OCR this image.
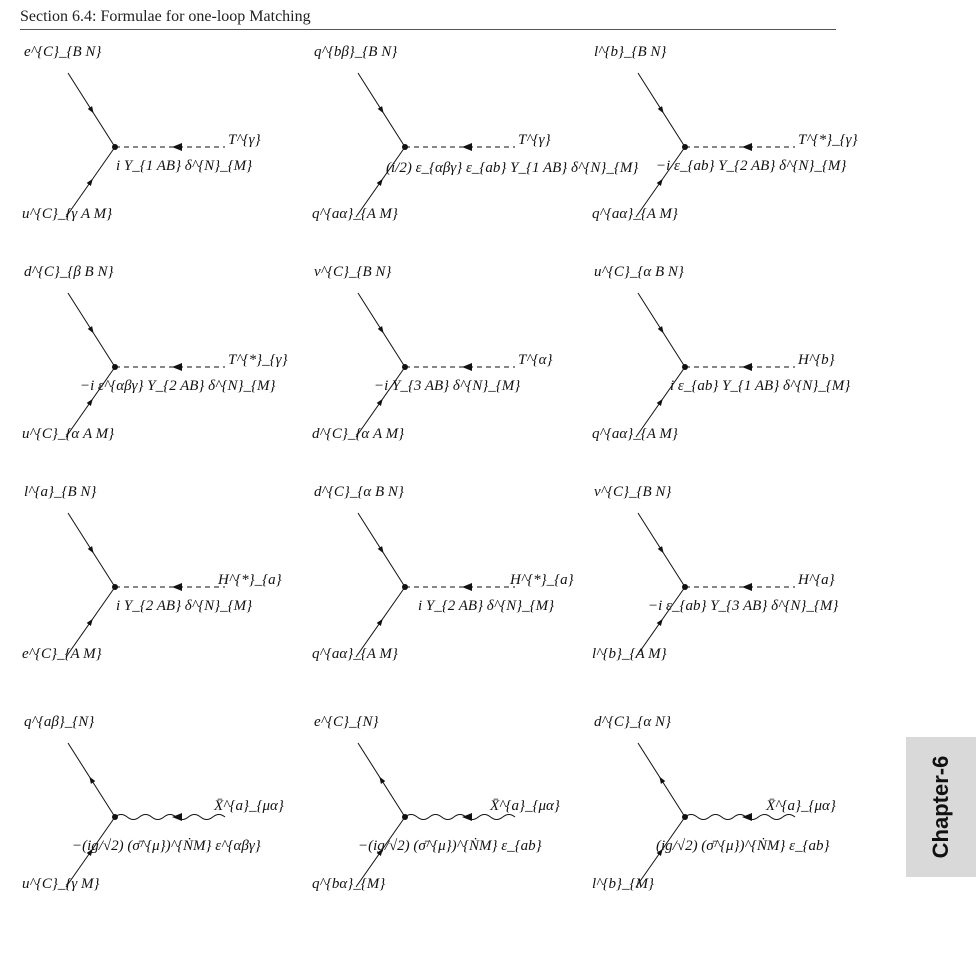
Section 6.4: Formulae for one-loop Matching
e^{C}_{B N}
u^{C}_{γ A M}
T^{γ}
i Y_{1 AB} δ^{N}_{M}
q^{bβ}_{B N}
q^{aα}_{A M}
T^{γ}
(i/2) ε_{αβγ} ε_{ab} Y_{1 AB} δ^{N}_{M}
l^{b}_{B N}
q^{aα}_{A M}
T^{*}_{γ}
−i ε_{ab} Y_{2 AB} δ^{N}_{M}
d^{C}_{β B N}
u^{C}_{α A M}
T^{*}_{γ}
−i ε^{αβγ} Y_{2 AB} δ^{N}_{M}
ν^{C}_{B N}
d^{C}_{α A M}
T^{α}
−i Y_{3 AB} δ^{N}_{M}
u^{C}_{α B N}
q^{aα}_{A M}
H^{b}
i ε_{ab} Y_{1 AB} δ^{N}_{M}
l^{a}_{B N}
e^{C}_{A M}
H^{*}_{a}
i Y_{2 AB} δ^{N}_{M}
d^{C}_{α B N}
q^{aα}_{A M}
H^{*}_{a}
i Y_{2 AB} δ^{N}_{M}
ν^{C}_{B N}
l^{b}_{A M}
H^{a}
−i ε_{ab} Y_{3 AB} δ^{N}_{M}
q^{aβ}_{N}
u^{C}_{γ M}
X̄^{a}_{μα}
−(ig/√2) (σ̄^{μ})^{ṄM} ε^{αβγ}
e^{C}_{N}
q^{bα}_{M}
X̄^{a}_{μα}
−(ig/√2) (σ̄^{μ})^{ṄM} ε_{ab}
d^{C}_{α N}
l^{b}_{M}
X̄^{a}_{μα}
(ig/√2) (σ̄^{μ})^{ṄM} ε_{ab}	Chapter-6
